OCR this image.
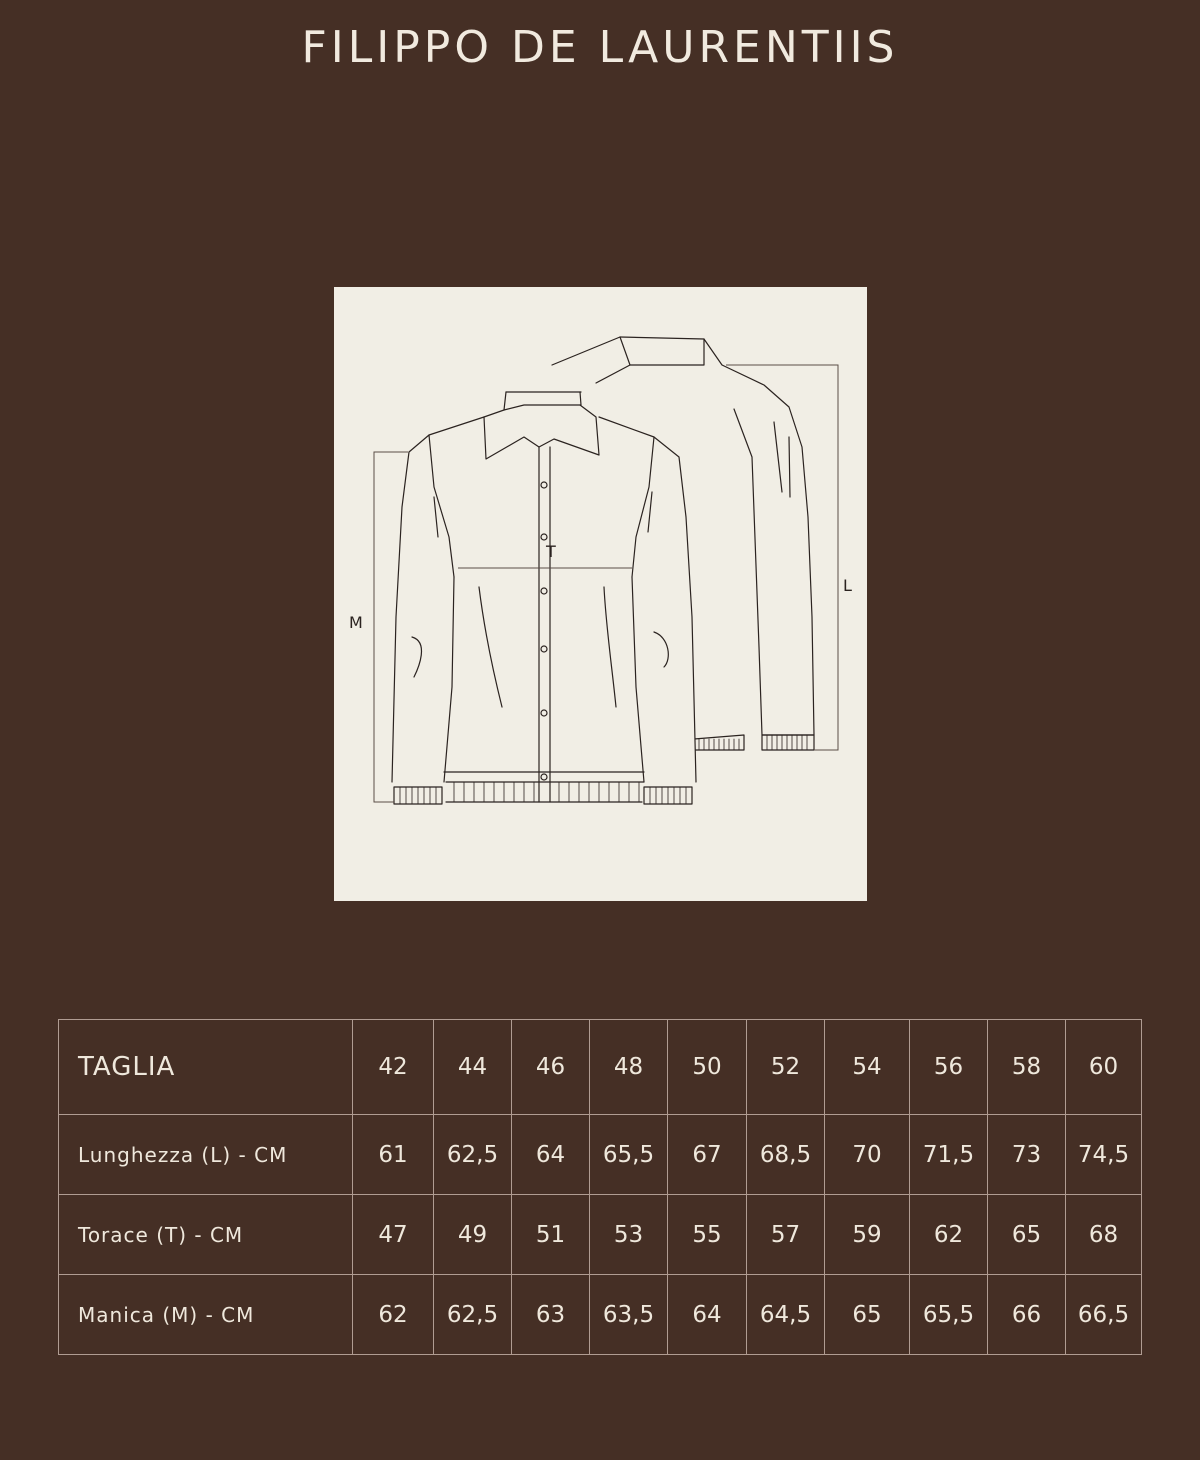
FILIPPO DE LAURENTIIS
T
M
L
TAGLIA	42	44	46	48	50	52	54	56	58	60
Lunghezza (L) - CM	61	62,5	64	65,5	67	68,5	70	71,5	73	74,5
Torace (T) - CM	47	49	51	53	55	57	59	62	65	68
Manica (M) - CM	62	62,5	63	63,5	64	64,5	65	65,5	66	66,5
